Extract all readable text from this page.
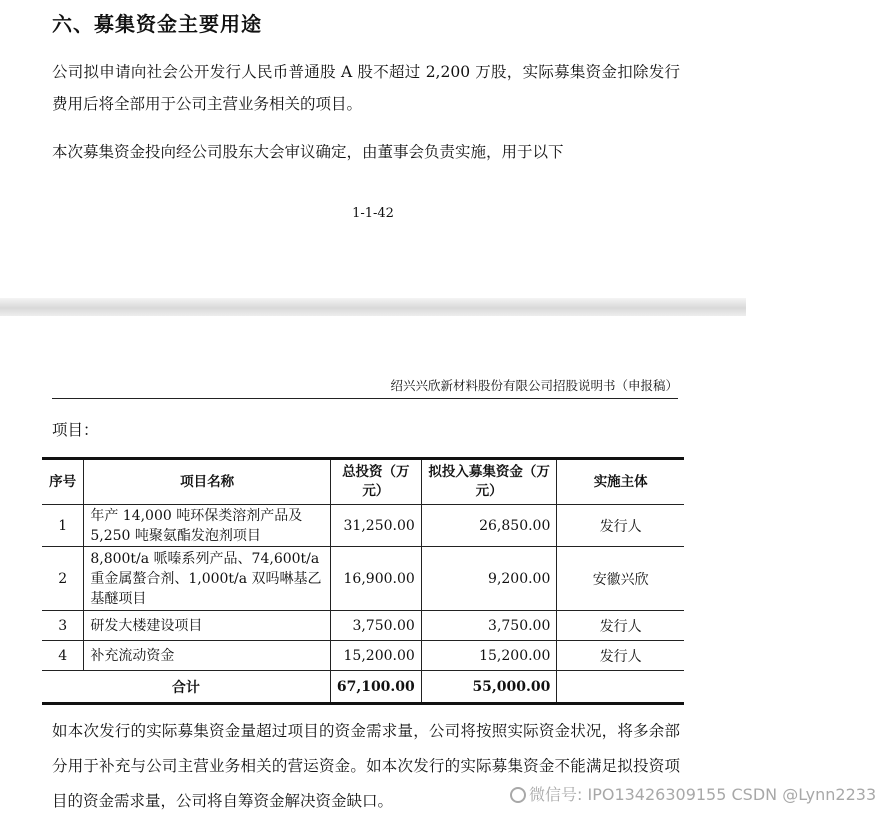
六、募集资金主要用途

公司拟申请向社会公开发行人民币普通股 A 股不超过 2,200 万股，实际募集资金扣除发行费用后将全部用于公司主营业务相关的项目。

本次募集资金投向经公司股东大会审议确定，由董事会负责实施，用于以下

1-1-42
绍兴兴欣新材料股份有限公司招股说明书（申报稿）

项目：

序号	项目名称	总投资（万元）	拟投入募集资金（万元）	实施主体
1	年产 14,000 吨环保类溶剂产品及 5,250 吨聚氨酯发泡剂项目	31,250.00	26,850.00	发行人
2	8,800t/a 哌嗪系列产品、74,600t/a 重金属螯合剂、1,000t/a 双吗啉基乙基醚项目	16,900.00	9,200.00	安徽兴欣
3	研发大楼建设项目	3,750.00	3,750.00	发行人
4	补充流动资金	15,200.00	15,200.00	发行人
合计		67,100.00	55,000.00	

如本次发行的实际募集资金量超过项目的资金需求量，公司将按照实际资金状况，将多余部分用于补充与公司主营业务相关的营运资金。如本次发行的实际募集资金不能满足拟投资项目的资金需求量，公司将自筹资金解决资金缺口。	微信号: IPO13426309155 CSDN @Lynn2233
